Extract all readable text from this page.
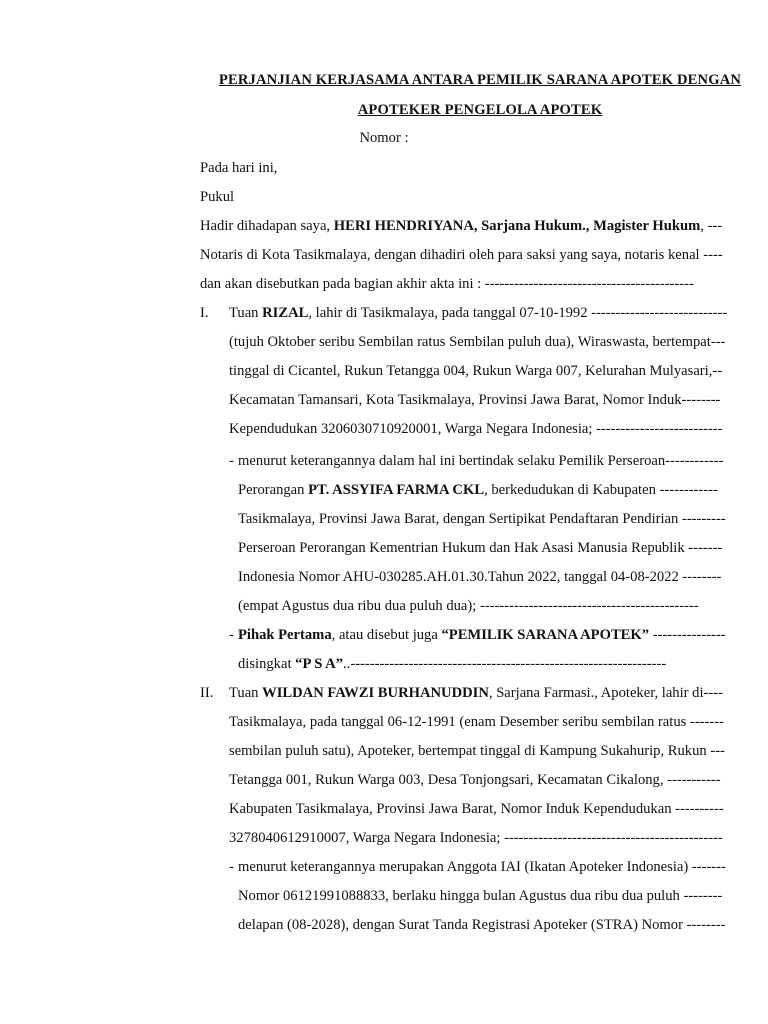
PERJANJIAN KERJASAMA ANTARA PEMILIK SARANA APOTEK DENGAN
APOTEKER PENGELOLA APOTEK
Nomor :
Pada hari ini,
Pukul
Hadir dihadapan saya, HERI HENDRIYANA, Sarjana Hukum., Magister Hukum, ---
Notaris di Kota Tasikmalaya, dengan dihadiri oleh para saksi yang saya, notaris kenal ----
dan akan disebutkan pada bagian akhir akta ini : -------------------------------------------
I. Tuan RIZAL, lahir di Tasikmalaya, pada tanggal 07-10-1992 ----------------------------
(tujuh Oktober seribu Sembilan ratus Sembilan puluh dua), Wiraswasta, bertempat---
tinggal di Cicantel, Rukun Tetangga 004, Rukun Warga 007, Kelurahan Mulyasari,--
Kecamatan Tamansari, Kota Tasikmalaya, Provinsi Jawa Barat, Nomor Induk--------
Kependudukan 3206030710920001, Warga Negara Indonesia; --------------------------
- menurut keterangannya dalam hal ini bertindak selaku Pemilik Perseroan------------
Perorangan PT. ASSYIFA FARMA CKL, berkedudukan di Kabupaten ------------
Tasikmalaya, Provinsi Jawa Barat, dengan Sertipikat Pendaftaran Pendirian ---------
Perseroan Perorangan Kementrian Hukum dan Hak Asasi Manusia Republik -------
Indonesia Nomor AHU-030285.AH.01.30.Tahun 2022, tanggal 04-08-2022 --------
(empat Agustus dua ribu dua puluh dua); ---------------------------------------------
- Pihak Pertama, atau disebut juga “PEMILIK SARANA APOTEK” ---------------
disingkat “P S A”..-----------------------------------------------------------------
II. Tuan WILDAN FAWZI BURHANUDDIN, Sarjana Farmasi., Apoteker, lahir di----
Tasikmalaya, pada tanggal 06-12-1991 (enam Desember seribu sembilan ratus -------
sembilan puluh satu), Apoteker, bertempat tinggal di Kampung Sukahurip, Rukun ---
Tetangga 001, Rukun Warga 003, Desa Tonjongsari, Kecamatan Cikalong, -----------
Kabupaten Tasikmalaya, Provinsi Jawa Barat, Nomor Induk Kependudukan ----------
3278040612910007, Warga Negara Indonesia; ---------------------------------------------
- menurut keterangannya merupakan Anggota IAI (Ikatan Apoteker Indonesia) -------
Nomor 06121991088833, berlaku hingga bulan Agustus dua ribu dua puluh --------
delapan (08-2028), dengan Surat Tanda Registrasi Apoteker (STRA) Nomor --------
